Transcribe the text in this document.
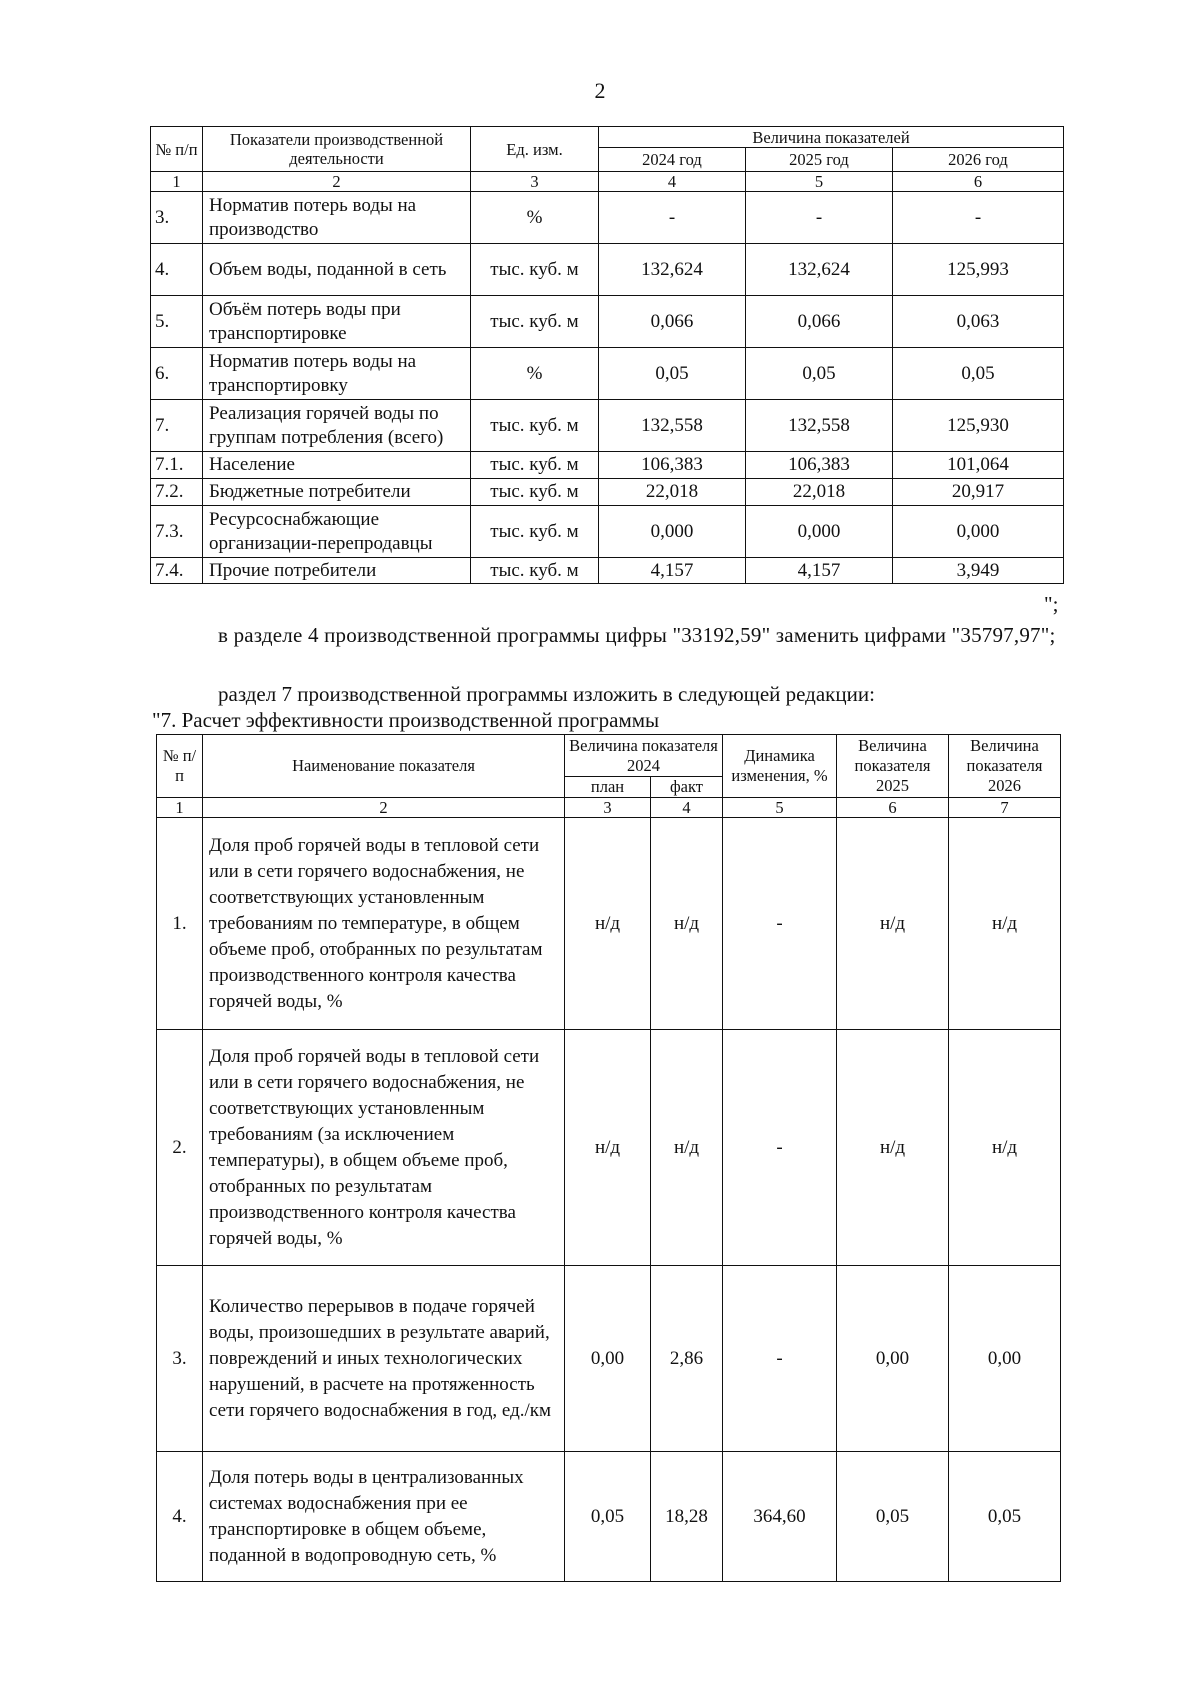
2
№ п/п	Показатели производственной деятельности	Ед. изм.	Величина показателей		
			2024 год	2025 год	2026 год
1	2	3	4	5	6
3.	Норматив потерь воды на производство	%	-	-	-
4.	Объем воды, поданной в сеть	тыс. куб. м	132,624	132,624	125,993
5.	Объём потерь воды при транспортировке	тыс. куб. м	0,066	0,066	0,063
6.	Норматив потерь воды на транспортировку	%	0,05	0,05	0,05
7.	Реализация горячей воды по группам потребления (всего)	тыс. куб. м	132,558	132,558	125,930
7.1.	Население	тыс. куб. м	106,383	106,383	101,064
7.2.	Бюджетные потребители	тыс. куб. м	22,018	22,018	20,917
7.3.	Ресурсоснабжающие организации-перепродавцы	тыс. куб. м	0,000	0,000	0,000
7.4.	Прочие потребители	тыс. куб. м	4,157	4,157	3,949
";
в разделе 4 производственной программы цифры "33192,59" заменить цифрами "35797,97";
раздел 7 производственной программы изложить в следующей редакции:
"7. Расчет эффективности производственной программы
№ п/п	Наименование показателя	Величина показателя 2024		Динамика изменения, %	Величина показателя 2025	Величина показателя 2026
		план	факт			
1	2	3	4	5	6	7
1.	Доля проб горячей воды в тепловой сети или в сети горячего водоснабжения, не соответствующих установленным требованиям по температуре, в общем объеме проб, отобранных по результатам производственного контроля качества горячей воды, %	н/д	н/д	-	н/д	н/д
2.	Доля проб горячей воды в тепловой сети или в сети горячего водоснабжения, не соответствующих установленным требованиям (за исключением температуры), в общем объеме проб, отобранных по результатам производственного контроля качества горячей воды, %	н/д	н/д	-	н/д	н/д
3.	Количество перерывов в подаче горячей воды, произошедших в результате аварий, повреждений и иных технологических нарушений, в расчете на протяженность сети горячего водоснабжения в год, ед./км	0,00	2,86	-	0,00	0,00
4.	Доля потерь воды в централизованных системах водоснабжения при ее транспортировке в общем объеме, поданной в водопроводную сеть, %	0,05	18,28	364,60	0,05	0,05
